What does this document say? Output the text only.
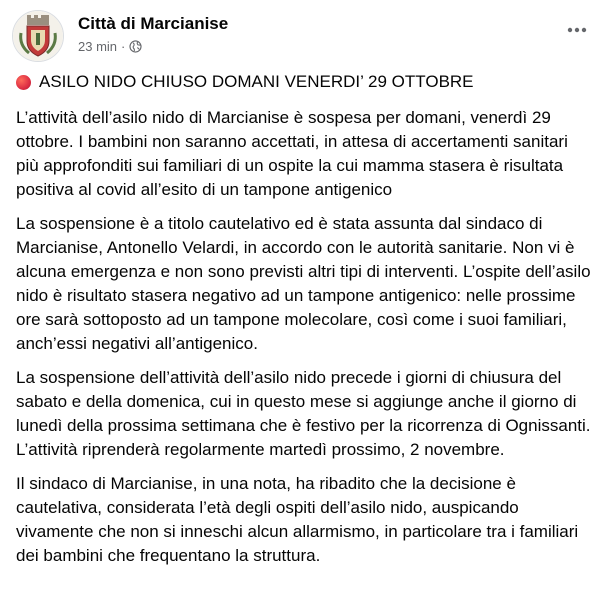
Città di Marcianise
23 min ·
ASILO NIDO CHIUSO DOMANI VENERDI’ 29 OTTOBRE

L’attività dell’asilo nido di Marcianise è sospesa per domani, venerdì 29 ottobre. I bambini non saranno accettati, in attesa di accertamenti sanitari più approfonditi sui familiari di un ospite la cui mamma stasera è risultata positiva al covid all’esito di un tampone antigenico

La sospensione è a titolo cautelativo ed è stata assunta dal sindaco di Marcianise, Antonello Velardi, in accordo con le autorità sanitarie. Non vi è alcuna emergenza e non sono previsti altri tipi di interventi. L’ospite dell’asilo nido è risultato stasera negativo ad un tampone antigenico: nelle prossime ore sarà sottoposto ad un tampone molecolare, così come i suoi familiari, anch’essi negativi all’antigenico.

La sospensione dell’attività dell’asilo nido precede i giorni di chiusura del sabato e della domenica, cui in questo mese si aggiunge anche il giorno di lunedì della prossima settimana che è festivo per la ricorrenza di Ognissanti. L’attività riprenderà regolarmente martedì prossimo, 2 novembre.

Il sindaco di Marcianise, in una nota, ha ribadito che la decisione è cautelativa, considerata l’età degli ospiti dell’asilo nido, auspicando vivamente che non si inneschi alcun allarmismo, in particolare tra i familiari dei bambini che frequentano la struttura.
